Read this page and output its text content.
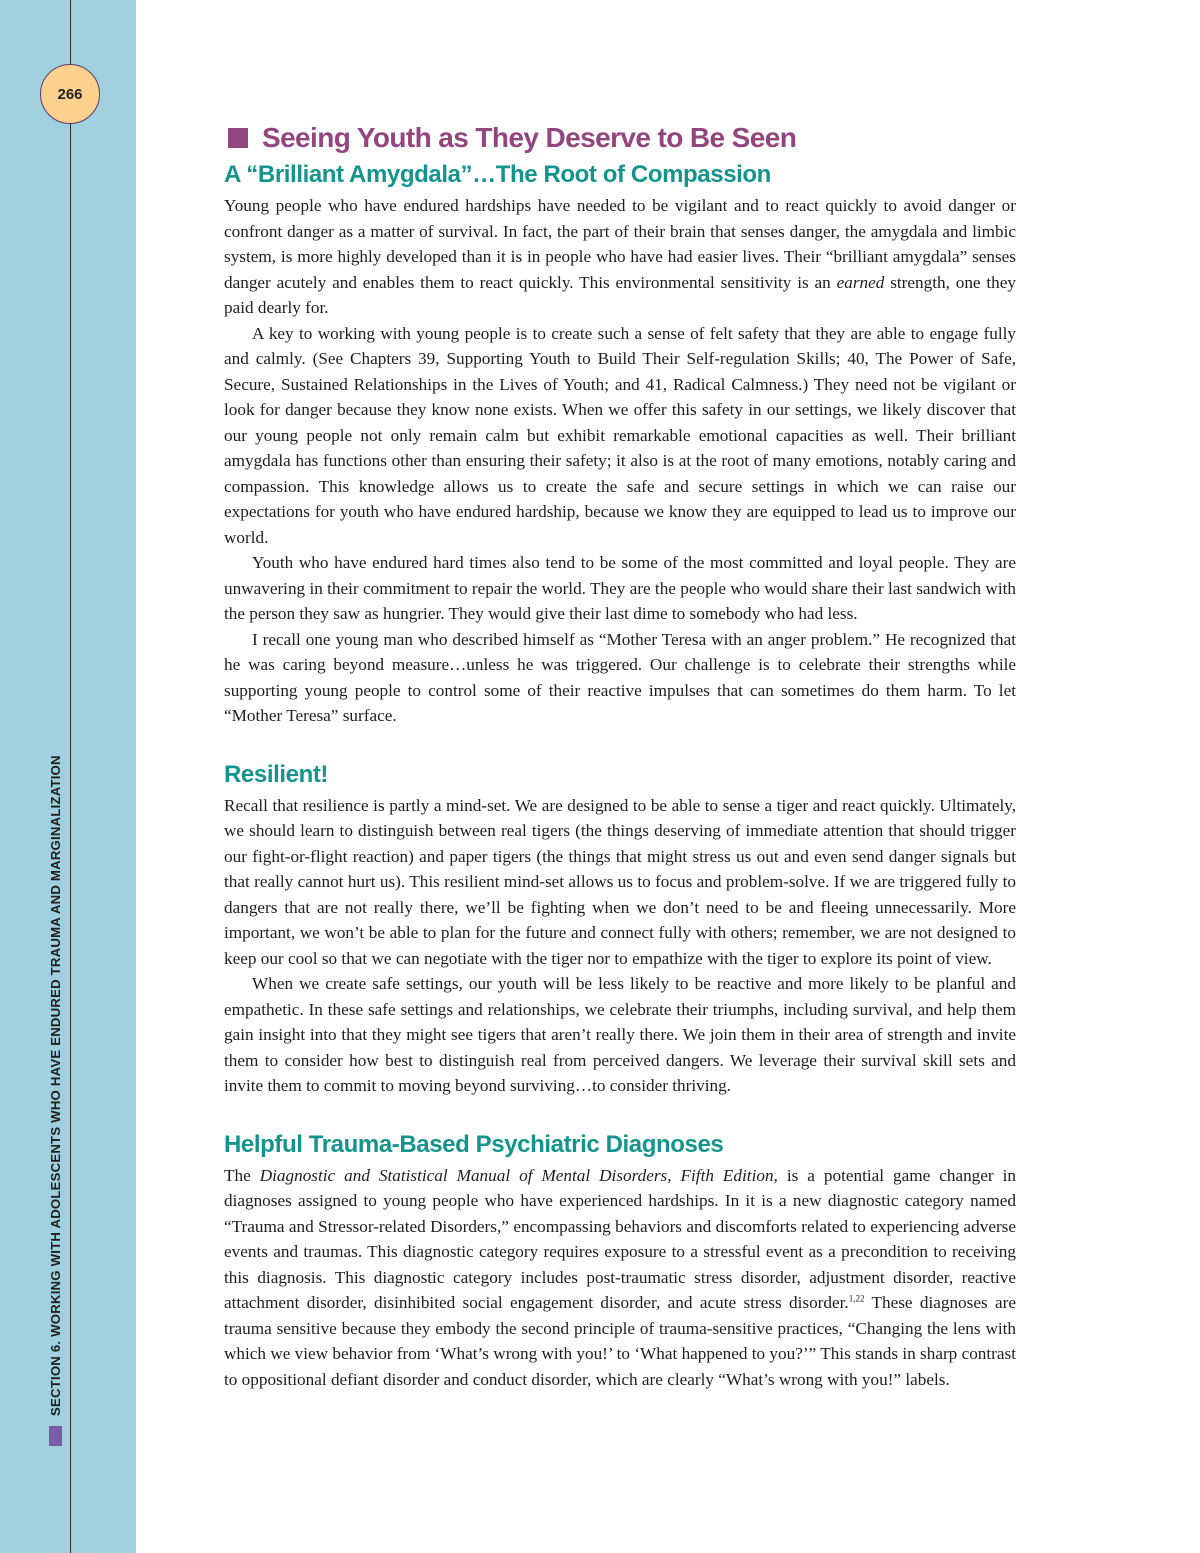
266
SECTION 6. WORKING WITH ADOLESCENTS WHO HAVE ENDURED TRAUMA AND MARGINALIZATION
Seeing Youth as They Deserve to Be Seen
A “Brilliant Amygdala”…The Root of Compassion

Young people who have endured hardships have needed to be vigilant and to react quickly to avoid danger or confront danger as a matter of survival. In fact, the part of their brain that senses danger, the amygdala and limbic system, is more highly developed than it is in people who have had easier lives. Their “brilliant amygdala” senses danger acutely and enables them to react quickly. This environmental sensitivity is an earned strength, one they paid dearly for.

A key to working with young people is to create such a sense of felt safety that they are able to engage fully and calmly. (See Chapters 39, Supporting Youth to Build Their Self-regulation Skills; 40, The Power of Safe, Secure, Sustained Relationships in the Lives of Youth; and 41, Radical Calmness.) They need not be vigilant or look for danger because they know none exists. When we offer this safety in our settings, we likely discover that our young people not only remain calm but exhibit remarkable emotional capacities as well. Their brilliant amygdala has functions other than ensuring their safety; it also is at the root of many emotions, notably caring and compassion. This knowledge allows us to create the safe and secure settings in which we can raise our expectations for youth who have endured hardship, because we know they are equipped to lead us to improve our world.

Youth who have endured hard times also tend to be some of the most committed and loyal people. They are unwavering in their commitment to repair the world. They are the people who would share their last sandwich with the person they saw as hungrier. They would give their last dime to somebody who had less.

I recall one young man who described himself as “Mother Teresa with an anger problem.” He recognized that he was caring beyond measure…unless he was triggered. Our challenge is to celebrate their strengths while supporting young people to control some of their reactive impulses that can sometimes do them harm. To let “Mother Teresa” surface.

Resilient!

Recall that resilience is partly a mind-set. We are designed to be able to sense a tiger and react quickly. Ultimately, we should learn to distinguish between real tigers (the things deserving of immediate attention that should trigger our fight-or-flight reaction) and paper tigers (the things that might stress us out and even send danger signals but that really cannot hurt us). This resilient mind-set allows us to focus and problem-solve. If we are triggered fully to dangers that are not really there, we’ll be fighting when we don’t need to be and fleeing unnecessarily. More important, we won’t be able to plan for the future and connect fully with others; remember, we are not designed to keep our cool so that we can negotiate with the tiger nor to empathize with the tiger to explore its point of view.

When we create safe settings, our youth will be less likely to be reactive and more likely to be planful and empathetic. In these safe settings and relationships, we celebrate their triumphs, including survival, and help them gain insight into that they might see tigers that aren’t really there. We join them in their area of strength and invite them to consider how best to distinguish real from perceived dangers. We leverage their survival skill sets and invite them to commit to moving beyond surviving…to consider thriving.

Helpful Trauma-Based Psychiatric Diagnoses

The Diagnostic and Statistical Manual of Mental Disorders, Fifth Edition, is a potential game changer in diagnoses assigned to young people who have experienced hardships. In it is a new diagnostic category named “Trauma and Stressor-related Disorders,” encompassing behaviors and discomforts related to experiencing adverse events and traumas. This diagnostic category requires exposure to a stressful event as a precondition to receiving this diagnosis. This diagnostic category includes post-traumatic stress disorder, adjustment disorder, reactive attachment disorder, disinhibited social engagement disorder, and acute stress disorder.$^{1,22}$ These diagnoses are trauma sensitive because they embody the second principle of trauma-sensitive practices, “Changing the lens with which we view behavior from ‘What’s wrong with you!’ to ‘What happened to you?’” This stands in sharp contrast to oppositional defiant disorder and conduct disorder, which are clearly “What’s wrong with you!” labels.
